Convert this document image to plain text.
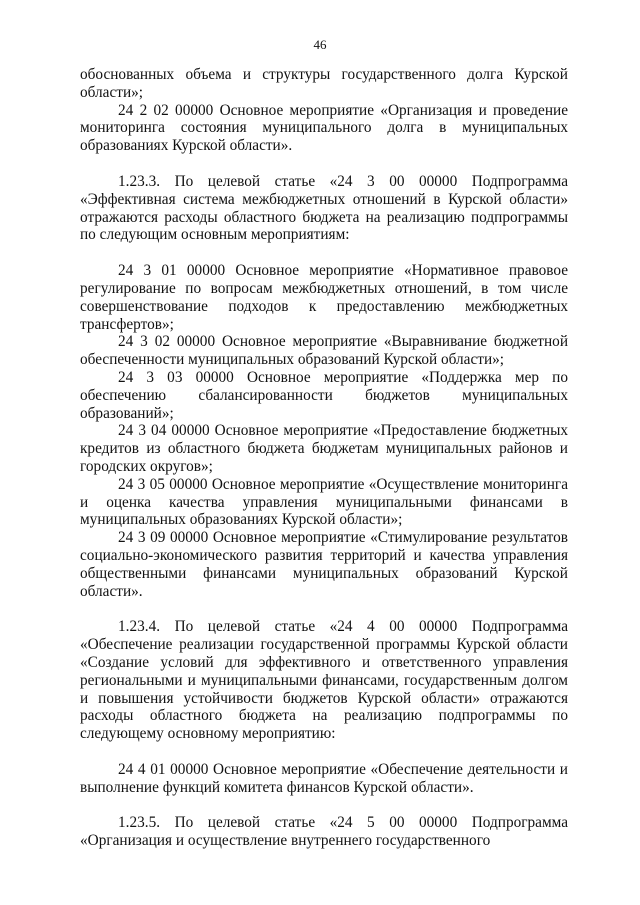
46

обоснованных объема и структуры государственного долга Курской области»;

24 2 02 00000 Основное мероприятие «Организация и проведение мониторинга состояния муниципального долга в муниципальных образованиях Курской области».

1.23.3. По целевой статье «24 3 00 00000 Подпрограмма «Эффективная система межбюджетных отношений в Курской области» отражаются расходы областного бюджета на реализацию подпрограммы по следующим основным мероприятиям:

24 3 01 00000 Основное мероприятие «Нормативное правовое регулирование по вопросам межбюджетных отношений, в том числе совершенствование подходов к предоставлению межбюджетных трансфертов»;

24 3 02 00000 Основное мероприятие «Выравнивание бюджетной обеспеченности муниципальных образований Курской области»;

24 3 03 00000 Основное мероприятие «Поддержка мер по обеспечению сбалансированности бюджетов муниципальных образований»;

24 3 04 00000 Основное мероприятие «Предоставление бюджетных кредитов из областного бюджета бюджетам муниципальных районов и городских округов»;

24 3 05 00000 Основное мероприятие «Осуществление мониторинга и оценка качества управления муниципальными финансами в муниципальных образованиях Курской области»;

24 3 09 00000 Основное мероприятие «Стимулирование результатов социально-экономического развития территорий и качества управления общественными финансами муниципальных образований Курской области».

1.23.4. По целевой статье «24 4 00 00000 Подпрограмма «Обеспечение реализации государственной программы Курской области «Создание условий для эффективного и ответственного управления региональными и муниципальными финансами, государственным долгом и повышения устойчивости бюджетов Курской области» отражаются расходы областного бюджета на реализацию подпрограммы по следующему основному мероприятию:

24 4 01 00000 Основное мероприятие «Обеспечение деятельности и выполнение функций комитета финансов Курской области».

1.23.5. По целевой статье «24 5 00 00000 Подпрограмма «Организация и осуществление внутреннего государственного
